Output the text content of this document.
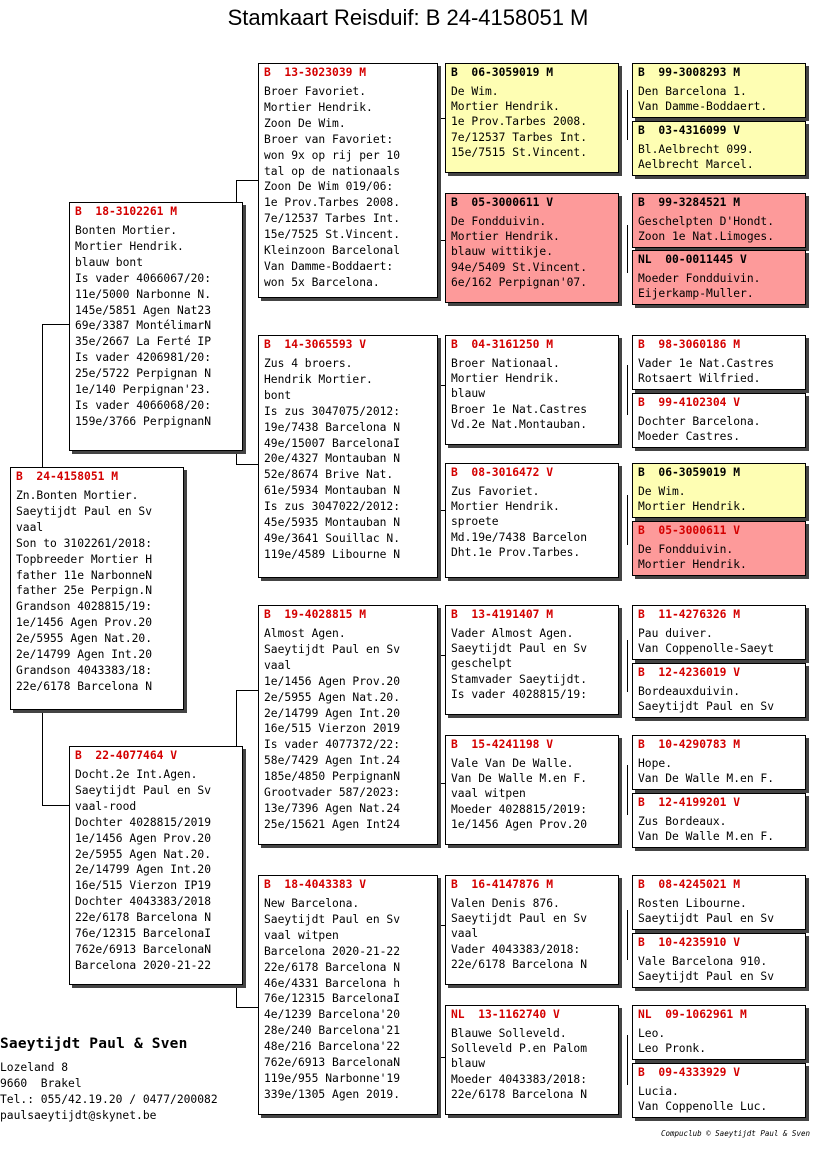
Stamkaart Reisduif: B 24-4158051 M
B  24-4158051 M
Zn.Bonten Mortier.
Saeytijdt Paul en Sv
vaal
Son to 3102261/2018:
Topbreeder Mortier H
father 11e NarbonneN
father 25e Perpign.N
Grandson 4028815/19:
1e/1456 Agen Prov.20
2e/5955 Agen Nat.20.
2e/14799 Agen Int.20
Grandson 4043383/18:
22e/6178 Barcelona N
B  18-3102261 M
Bonten Mortier.
Mortier Hendrik.
blauw bont
Is vader 4066067/20:
11e/5000 Narbonne N.
145e/5851 Agen Nat23
69e/3387 MontélimarN
35e/2667 La Ferté IP
Is vader 4206981/20:
25e/5722 Perpignan N
1e/140 Perpignan'23.
Is vader 4066068/20:
159e/3766 PerpignanN
B  22-4077464 V
Docht.2e Int.Agen.
Saeytijdt Paul en Sv
vaal-rood
Dochter 4028815/2019
1e/1456 Agen Prov.20
2e/5955 Agen Nat.20.
2e/14799 Agen Int.20
16e/515 Vierzon IP19
Dochter 4043383/2018
22e/6178 Barcelona N
76e/12315 BarcelonaI
762e/6913 BarcelonaN
Barcelona 2020-21-22
B  13-3023039 M
Broer Favoriet.
Mortier Hendrik.
Zoon De Wim.
Broer van Favoriet:
won 9x op rij per 10
tal op de nationaals
Zoon De Wim 019/06:
1e Prov.Tarbes 2008.
7e/12537 Tarbes Int.
15e/7525 St.Vincent.
Kleinzoon Barcelonal
Van Damme-Boddaert:
won 5x Barcelona.
B  14-3065593 V
Zus 4 broers.
Hendrik Mortier.
bont
Is zus 3047075/2012:
19e/7438 Barcelona N
49e/15007 BarcelonaI
20e/4327 Montauban N
52e/8674 Brive Nat.
61e/5934 Montauban N
Is zus 3047022/2012:
45e/5935 Montauban N
49e/3641 Souillac N.
119e/4589 Libourne N
B  19-4028815 M
Almost Agen.
Saeytijdt Paul en Sv
vaal
1e/1456 Agen Prov.20
2e/5955 Agen Nat.20.
2e/14799 Agen Int.20
16e/515 Vierzon 2019
Is vader 4077372/22:
58e/7429 Agen Int.24
185e/4850 PerpignanN
Grootvader 587/2023:
13e/7396 Agen Nat.24
25e/15621 Agen Int24
B  18-4043383 V
New Barcelona.
Saeytijdt Paul en Sv
vaal witpen
Barcelona 2020-21-22
22e/6178 Barcelona N
46e/4331 Barcelona h
76e/12315 BarcelonaI
4e/1239 Barcelona'20
28e/240 Barcelona'21
48e/216 Barcelona'22
762e/6913 BarcelonaN
119e/955 Narbonne'19
339e/1305 Agen 2019.
B  06-3059019 M
De Wim.
Mortier Hendrik.
1e Prov.Tarbes 2008.
7e/12537 Tarbes Int.
15e/7515 St.Vincent.
B  05-3000611 V
De Fondduivin.
Mortier Hendrik.
blauw wittikje.
94e/5409 St.Vincent.
6e/162 Perpignan'07.
B  04-3161250 M
Broer Nationaal.
Mortier Hendrik.
blauw
Broer 1e Nat.Castres
Vd.2e Nat.Montauban.
B  08-3016472 V
Zus Favoriet.
Mortier Hendrik.
sproete
Md.19e/7438 Barcelon
Dht.1e Prov.Tarbes.
B  13-4191407 M
Vader Almost Agen.
Saeytijdt Paul en Sv
geschelpt
Stamvader Saeytijdt.
Is vader 4028815/19:
B  15-4241198 V
Vale Van De Walle.
Van De Walle M.en F.
vaal witpen
Moeder 4028815/2019:
1e/1456 Agen Prov.20
B  16-4147876 M
Valen Denis 876.
Saeytijdt Paul en Sv
vaal
Vader 4043383/2018:
22e/6178 Barcelona N
NL  13-1162740 V
Blauwe Solleveld.
Solleveld P.en Palom
blauw
Moeder 4043383/2018:
22e/6178 Barcelona N
B  99-3008293 M
Den Barcelona 1.
Van Damme-Boddaert.
B  03-4316099 V
Bl.Aelbrecht 099.
Aelbrecht Marcel.
B  99-3284521 M
Geschelpten D'Hondt.
Zoon 1e Nat.Limoges.
NL  00-0011445 V
Moeder Fondduivin.
Eijerkamp-Muller.
B  98-3060186 M
Vader 1e Nat.Castres
Rotsaert Wilfried.
B  99-4102304 V
Dochter Barcelona.
Moeder Castres.
B  06-3059019 M
De Wim.
Mortier Hendrik.
B  05-3000611 V
De Fondduivin.
Mortier Hendrik.
B  11-4276326 M
Pau duiver.
Van Coppenolle-Saeyt
B  12-4236019 V
Bordeauxduivin.
Saeytijdt Paul en Sv
B  10-4290783 M
Hope.
Van De Walle M.en F.
B  12-4199201 V
Zus Bordeaux.
Van De Walle M.en F.
B  08-4245021 M
Rosten Libourne.
Saeytijdt Paul en Sv
B  10-4235910 V
Vale Barcelona 910.
Saeytijdt Paul en Sv
NL  09-1062961 M
Leo.
Leo Pronk.
B  09-4333929 V
Lucia.
Van Coppenolle Luc.
Saeytijdt Paul & Sven
Lozeland 8
9660  Brakel
Tel.: 055/42.19.20 / 0477/200082
paulsaeytijdt@skynet.be
Compuclub © Saeytijdt Paul & Sven
